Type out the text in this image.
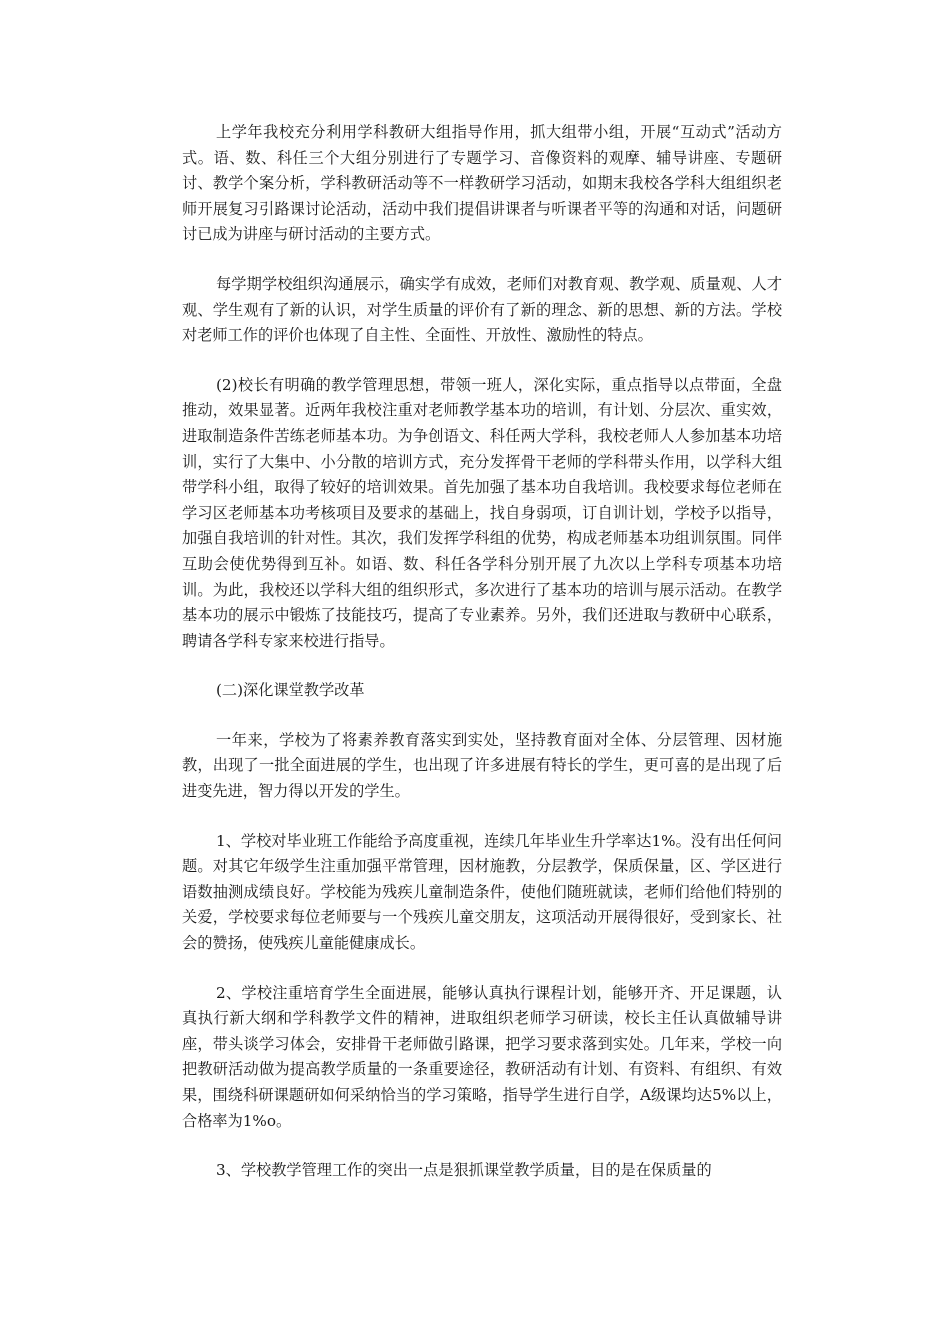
上学年我校充分利用学科教研大组指导作用，抓大组带小组，开展“互动式”活动方式。语、数、科任三个大组分别进行了专题学习、音像资料的观摩、辅导讲座、专题研讨、教学个案分析，学科教研活动等不一样教研学习活动，如期末我校各学科大组组织老师开展复习引路课讨论活动，活动中我们提倡讲课者与听课者平等的沟通和对话，问题研讨已成为讲座与研讨活动的主要方式。

每学期学校组织沟通展示，确实学有成效，老师们对教育观、教学观、质量观、人才观、学生观有了新的认识，对学生质量的评价有了新的理念、新的思想、新的方法。学校对老师工作的评价也体现了自主性、全面性、开放性、激励性的特点。

(2)校长有明确的教学管理思想，带领一班人，深化实际，重点指导以点带面，全盘推动，效果显著。近两年我校注重对老师教学基本功的培训，有计划、分层次、重实效，进取制造条件苦练老师基本功。为争创语文、科任两大学科，我校老师人人参加基本功培训，实行了大集中、小分散的培训方式，充分发挥骨干老师的学科带头作用，以学科大组带学科小组，取得了较好的培训效果。首先加强了基本功自我培训。我校要求每位老师在学习区老师基本功考核项目及要求的基础上，找自身弱项，订自训计划，学校予以指导，加强自我培训的针对性。其次，我们发挥学科组的优势，构成老师基本功组训氛围。同伴互助会使优势得到互补。如语、数、科任各学科分别开展了九次以上学科专项基本功培训。为此，我校还以学科大组的组织形式，多次进行了基本功的培训与展示活动。在教学基本功的展示中锻炼了技能技巧，提高了专业素养。另外，我们还进取与教研中心联系，聘请各学科专家来校进行指导。

(二)深化课堂教学改革

一年来，学校为了将素养教育落实到实处，坚持教育面对全体、分层管理、因材施教，出现了一批全面进展的学生，也出现了许多进展有特长的学生，更可喜的是出现了后进变先进，智力得以开发的学生。

1、学校对毕业班工作能给予高度重视，连续几年毕业生升学率达1%。没有出任何问题。对其它年级学生注重加强平常管理，因材施教，分层教学，保质保量，区、学区进行语数抽测成绩良好。学校能为残疾儿童制造条件，使他们随班就读，老师们给他们特别的关爱，学校要求每位老师要与一个残疾儿童交朋友，这项活动开展得很好，受到家长、社会的赞扬，使残疾儿童能健康成长。

2、学校注重培育学生全面进展，能够认真执行课程计划，能够开齐、开足课题，认真执行新大纲和学科教学文件的精神，进取组织老师学习研读，校长主任认真做辅导讲座，带头谈学习体会，安排骨干老师做引路课，把学习要求落到实处。几年来，学校一向把教研活动做为提高教学质量的一条重要途径，教研活动有计划、有资料、有组织、有效果，围绕科研课题研如何采纳恰当的学习策略，指导学生进行自学，A级课均达5%以上，合格率为1%o。

3、学校教学管理工作的突出一点是狠抓课堂教学质量，目的是在保质量的
